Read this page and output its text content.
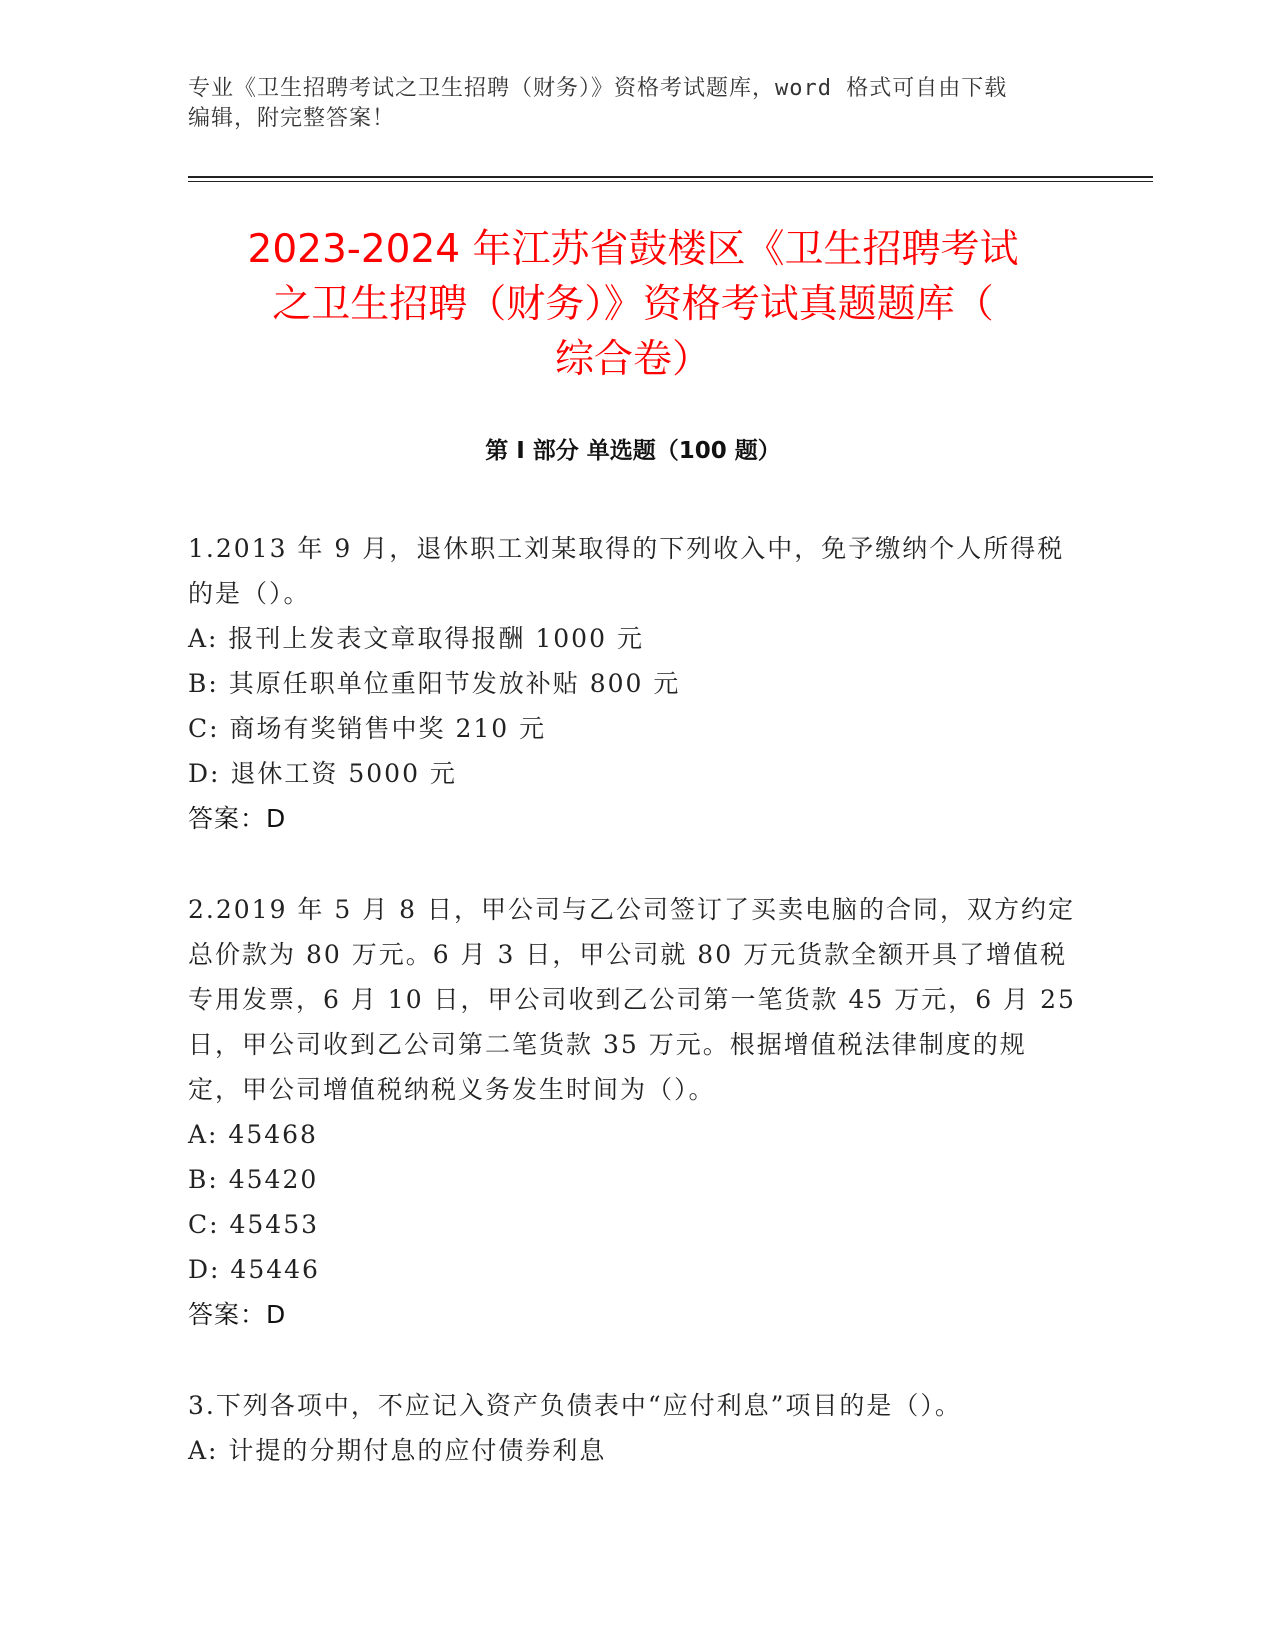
专业《卫生招聘考试之卫生招聘（财务）》资格考试题库，word 格式可自由下载
编辑，附完整答案！
2023-2024 年江苏省鼓楼区《卫生招聘考试
之卫生招聘（财务）》资格考试真题题库（
综合卷）
第 I 部分 单选题（100 题）
1.2013 年 9 月，退休职工刘某取得的下列收入中，免予缴纳个人所得税的是（）。
A: 报刊上发表文章取得报酬 1000 元
B: 其原任职单位重阳节发放补贴 800 元
C: 商场有奖销售中奖 210 元
D: 退休工资 5000 元
答案：D
2.2019 年 5 月 8 日，甲公司与乙公司签订了买卖电脑的合同，双方约定总价款为 80 万元。6 月 3 日，甲公司就 80 万元货款全额开具了增值税专用发票，6 月 10 日，甲公司收到乙公司第一笔货款 45 万元，6 月 25 日，甲公司收到乙公司第二笔货款 35 万元。根据增值税法律制度的规定，甲公司增值税纳税义务发生时间为（）。
A: 45468
B: 45420
C: 45453
D: 45446
答案：D
3.下列各项中，不应记入资产负债表中“应付利息”项目的是（）。
A: 计提的分期付息的应付债券利息
